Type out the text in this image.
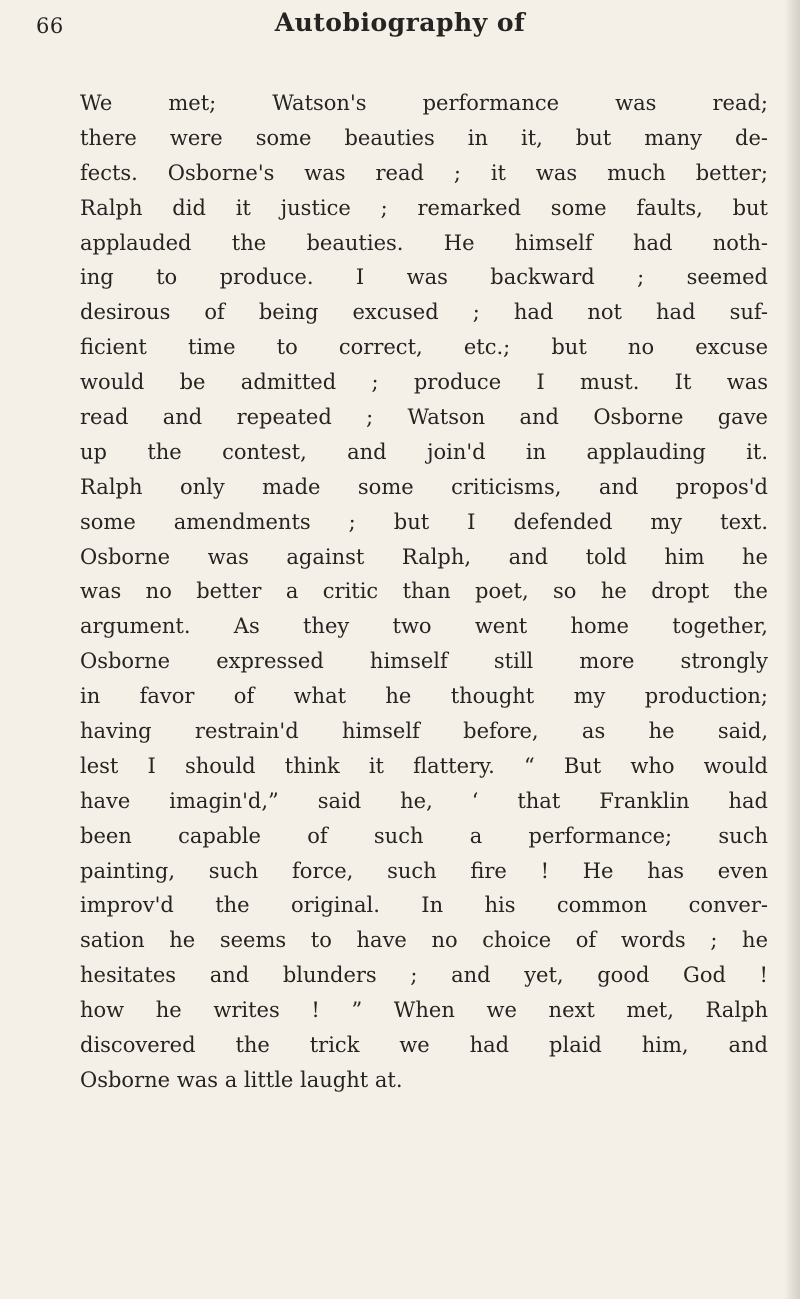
66	Autobiography of
We met; Watson's performance was read;
there were some beauties in it, but many de-
fects. Osborne's was read ; it was much better;
Ralph did it justice ; remarked some faults, but
applauded the beauties. He himself had noth-
ing to produce. I was backward ; seemed
desirous of being excused ; had not had suf-
ficient time to correct, etc.; but no excuse
would be admitted ; produce I must. It was
read and repeated ; Watson and Osborne gave
up the contest, and join'd in applauding it.
Ralph only made some criticisms, and propos'd
some amendments ; but I defended my text.
Osborne was against Ralph, and told him he
was no better a critic than poet, so he dropt the
argument. As they two went home together,
Osborne expressed himself still more strongly
in favor of what he thought my production;
having restrain'd himself before, as he said,
lest I should think it flattery. “ But who would
have imagin'd,” said he, ‘ that Franklin had
been capable of such a performance; such
painting, such force, such fire ! He has even
improv'd the original. In his common conver-
sation he seems to have no choice of words ; he
hesitates and blunders ; and yet, good God !
how he writes ! ” When we next met, Ralph
discovered the trick we had plaid him, and
Osborne was a little laught at.
